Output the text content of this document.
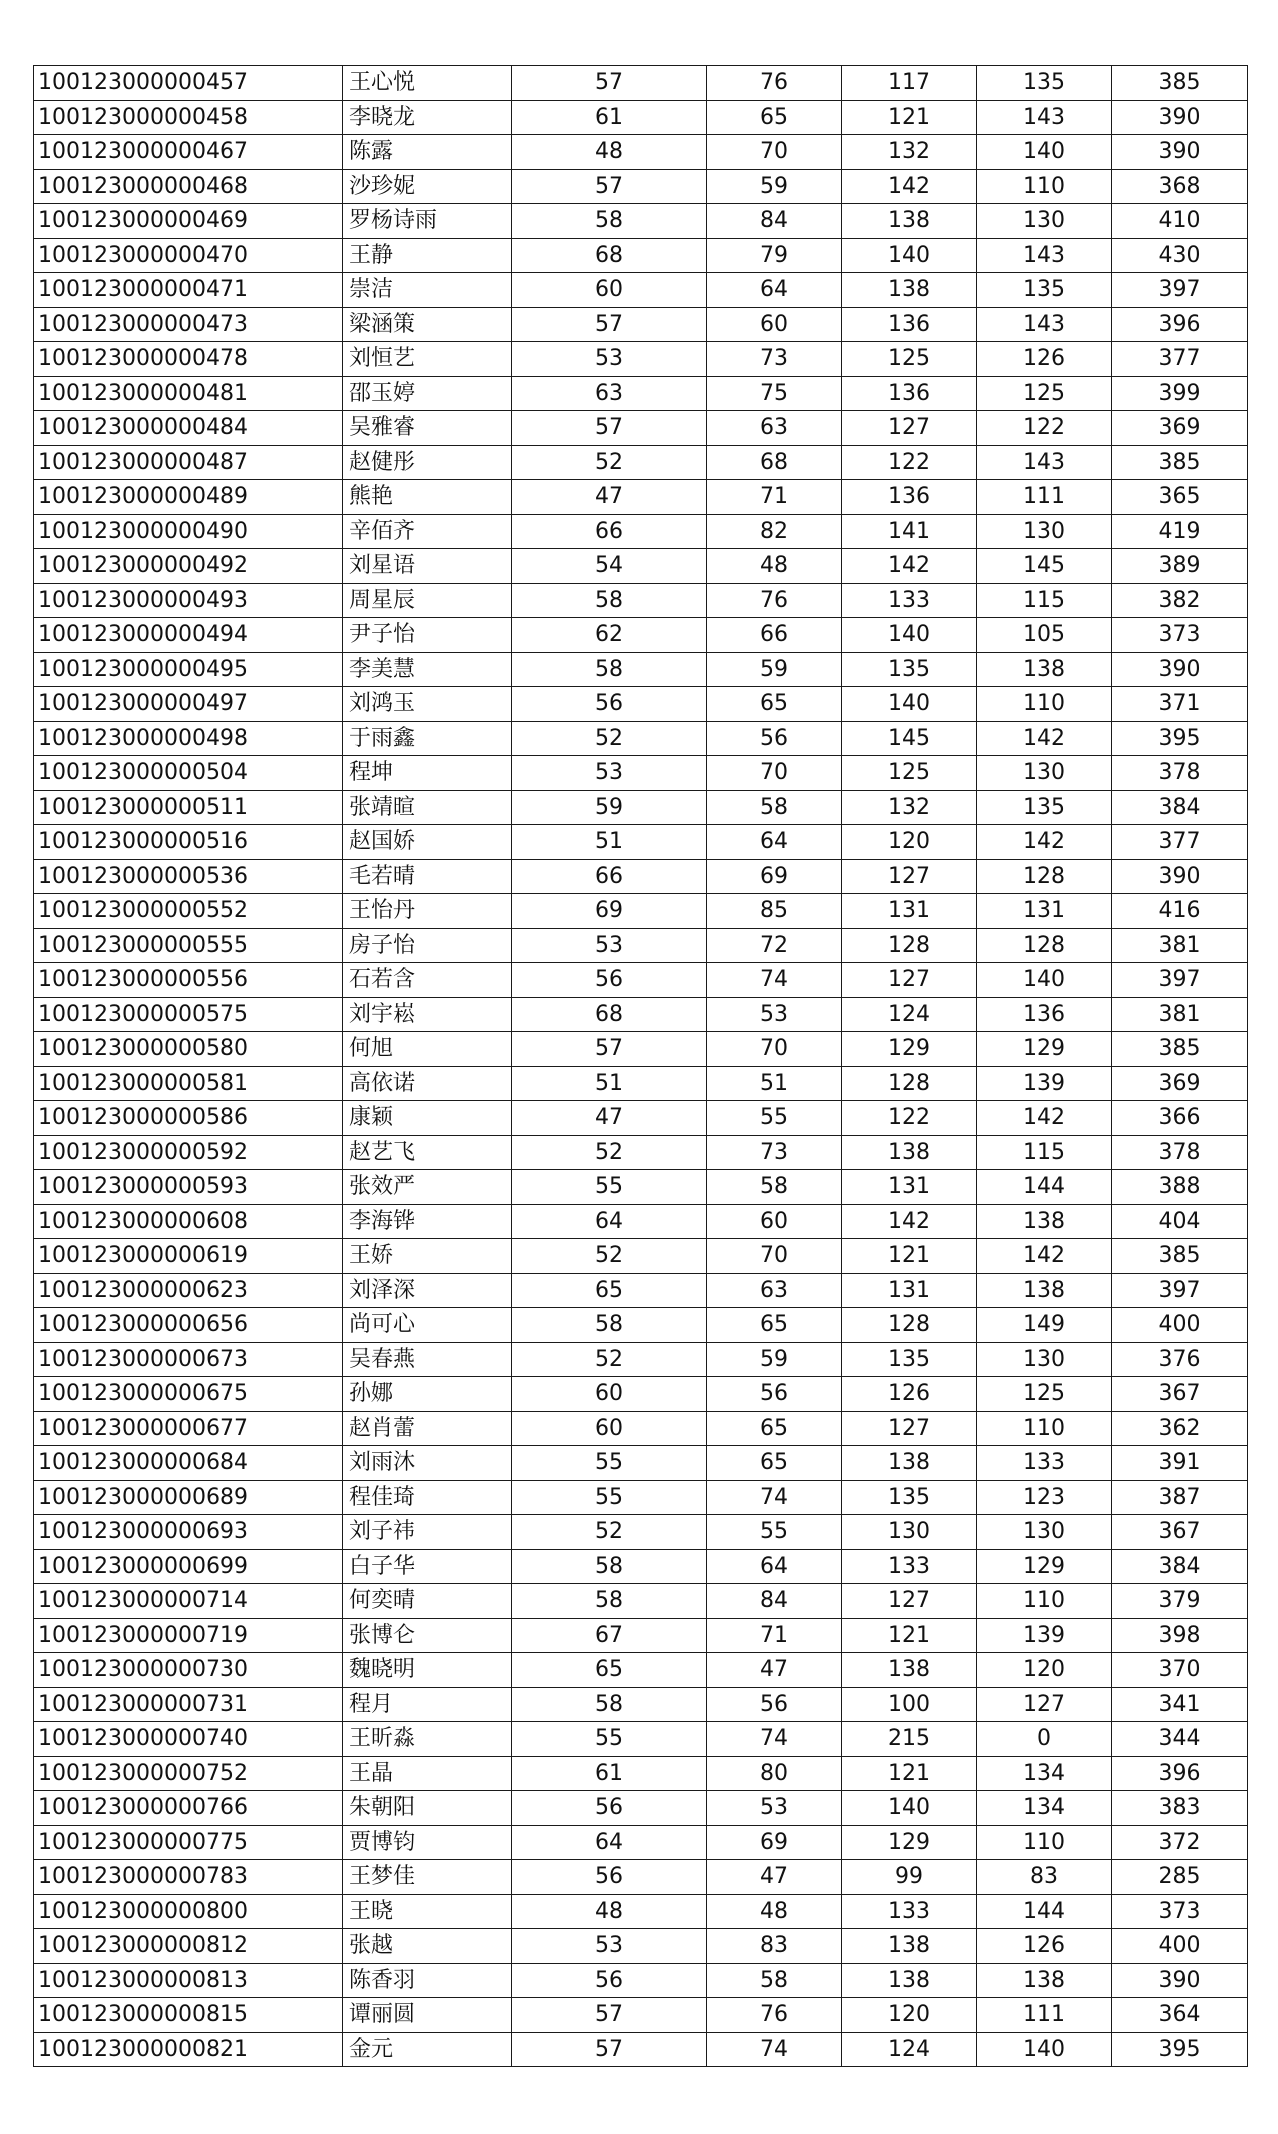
100123000000457	王心悦	57	76	117	135	385
100123000000458	李晓龙	61	65	121	143	390
100123000000467	陈露	48	70	132	140	390
100123000000468	沙珍妮	57	59	142	110	368
100123000000469	罗杨诗雨	58	84	138	130	410
100123000000470	王静	68	79	140	143	430
100123000000471	崇洁	60	64	138	135	397
100123000000473	梁涵策	57	60	136	143	396
100123000000478	刘恒艺	53	73	125	126	377
100123000000481	邵玉婷	63	75	136	125	399
100123000000484	吴雅睿	57	63	127	122	369
100123000000487	赵健彤	52	68	122	143	385
100123000000489	熊艳	47	71	136	111	365
100123000000490	辛佰齐	66	82	141	130	419
100123000000492	刘星语	54	48	142	145	389
100123000000493	周星辰	58	76	133	115	382
100123000000494	尹子怡	62	66	140	105	373
100123000000495	李美慧	58	59	135	138	390
100123000000497	刘鸿玉	56	65	140	110	371
100123000000498	于雨鑫	52	56	145	142	395
100123000000504	程坤	53	70	125	130	378
100123000000511	张靖暄	59	58	132	135	384
100123000000516	赵国娇	51	64	120	142	377
100123000000536	毛若晴	66	69	127	128	390
100123000000552	王怡丹	69	85	131	131	416
100123000000555	房子怡	53	72	128	128	381
100123000000556	石若含	56	74	127	140	397
100123000000575	刘宇崧	68	53	124	136	381
100123000000580	何旭	57	70	129	129	385
100123000000581	高依诺	51	51	128	139	369
100123000000586	康颖	47	55	122	142	366
100123000000592	赵艺飞	52	73	138	115	378
100123000000593	张效严	55	58	131	144	388
100123000000608	李海铧	64	60	142	138	404
100123000000619	王娇	52	70	121	142	385
100123000000623	刘泽深	65	63	131	138	397
100123000000656	尚可心	58	65	128	149	400
100123000000673	吴春燕	52	59	135	130	376
100123000000675	孙娜	60	56	126	125	367
100123000000677	赵肖蕾	60	65	127	110	362
100123000000684	刘雨沐	55	65	138	133	391
100123000000689	程佳琦	55	74	135	123	387
100123000000693	刘子祎	52	55	130	130	367
100123000000699	白子华	58	64	133	129	384
100123000000714	何奕晴	58	84	127	110	379
100123000000719	张博仑	67	71	121	139	398
100123000000730	魏晓明	65	47	138	120	370
100123000000731	程月	58	56	100	127	341
100123000000740	王昕淼	55	74	215	0	344
100123000000752	王晶	61	80	121	134	396
100123000000766	朱朝阳	56	53	140	134	383
100123000000775	贾博钧	64	69	129	110	372
100123000000783	王梦佳	56	47	99	83	285
100123000000800	王晓	48	48	133	144	373
100123000000812	张越	53	83	138	126	400
100123000000813	陈香羽	56	58	138	138	390
100123000000815	谭丽圆	57	76	120	111	364
100123000000821	金元	57	74	124	140	395
